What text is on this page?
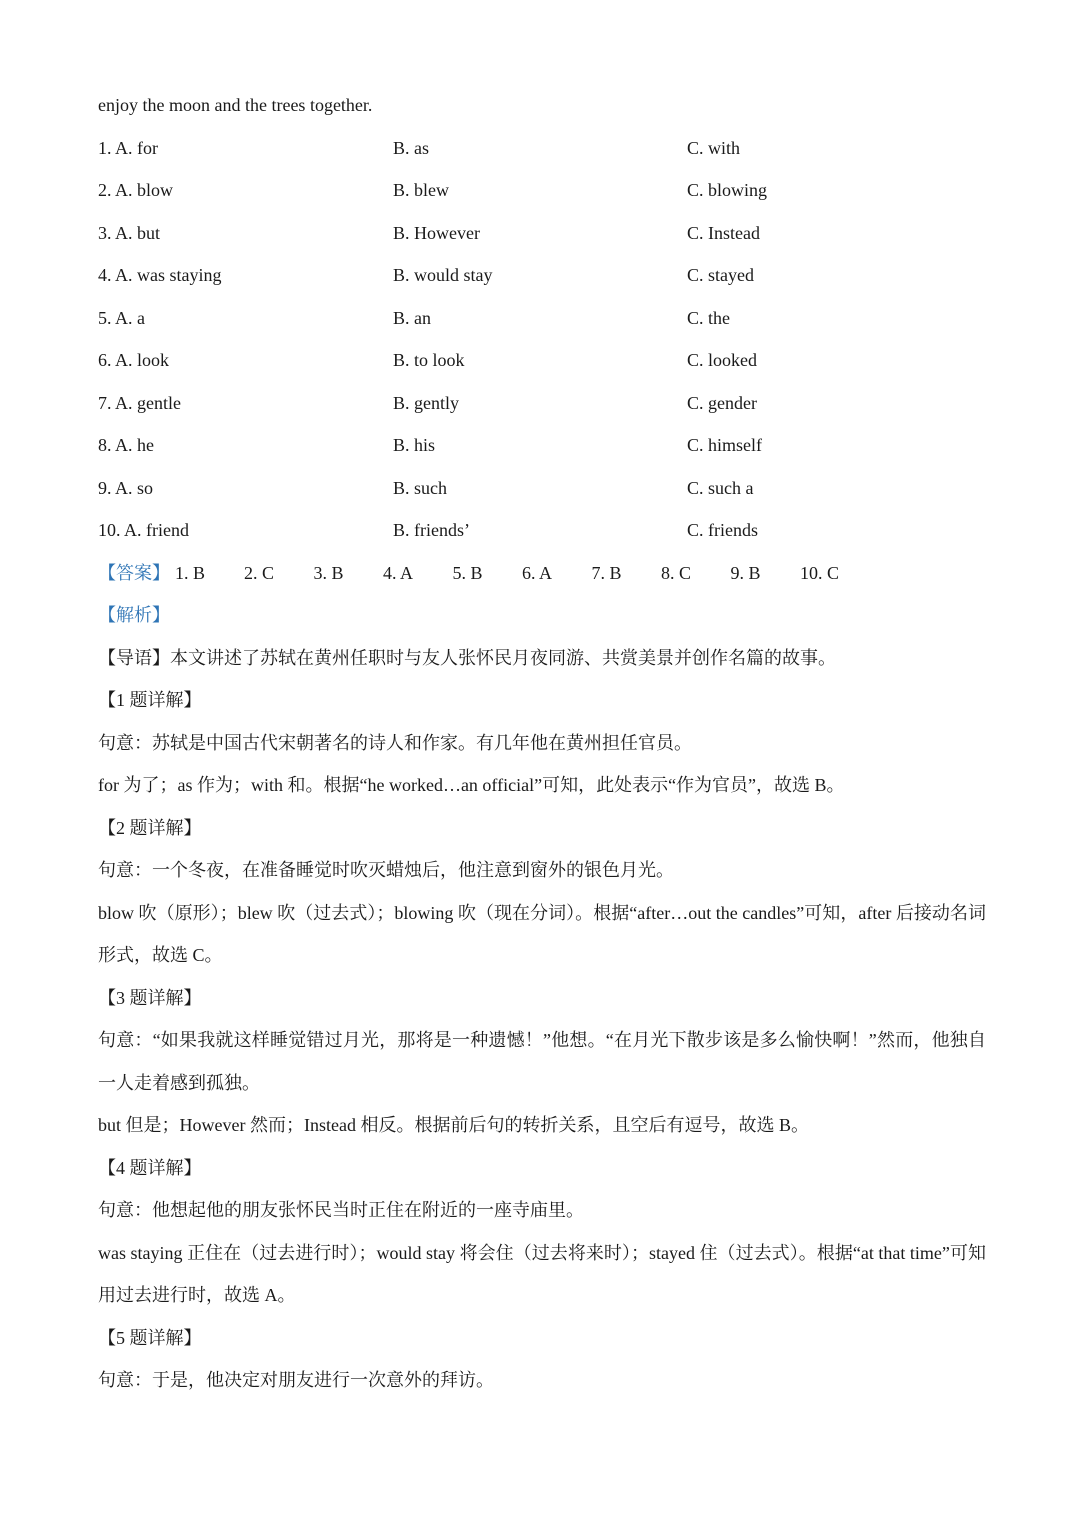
enjoy the moon and the trees together.
1. A. for	B. as	C. with
2. A. blow	B. blew	C. blowing
3. A. but	B. However	C. Instead
4. A. was staying	B. would stay	C. stayed
5. A. a	B. an	C. the
6. A. look	B. to look	C. looked
7. A. gentle	B. gently	C. gender
8. A. he	B. his	C. himself
9. A. so	B. such	C. such a
10. A. friend	B. friends’	C. friends
【答案】 1. B	2. C	3. B	4. A	5. B	6. A	7. B	8. C	9. B	10. C
【解析】
【导语】本文讲述了苏轼在黄州任职时与友人张怀民月夜同游、共赏美景并创作名篇的故事。
【1 题详解】
句意：苏轼是中国古代宋朝著名的诗人和作家。有几年他在黄州担任官员。
for 为了；as 作为；with 和。根据“he worked…an official”可知，此处表示“作为官员”，故选 B。
【2 题详解】
句意：一个冬夜，在准备睡觉时吹灭蜡烛后，他注意到窗外的银色月光。
blow 吹（原形）；blew 吹（过去式）；blowing 吹（现在分词）。根据“after…out the candles”可知，after 后接动名词形式，故选 C。
【3 题详解】
句意：“如果我就这样睡觉错过月光，那将是一种遗憾！”他想。“在月光下散步该是多么愉快啊！”然而，他独自一人走着感到孤独。
but 但是；However 然而；Instead 相反。根据前后句的转折关系，且空后有逗号，故选 B。
【4 题详解】
句意：他想起他的朋友张怀民当时正住在附近的一座寺庙里。
was staying 正住在（过去进行时）；would stay 将会住（过去将来时）；stayed 住（过去式）。根据“at that time”可知用过去进行时，故选 A。
【5 题详解】
句意：于是，他决定对朋友进行一次意外的拜访。
